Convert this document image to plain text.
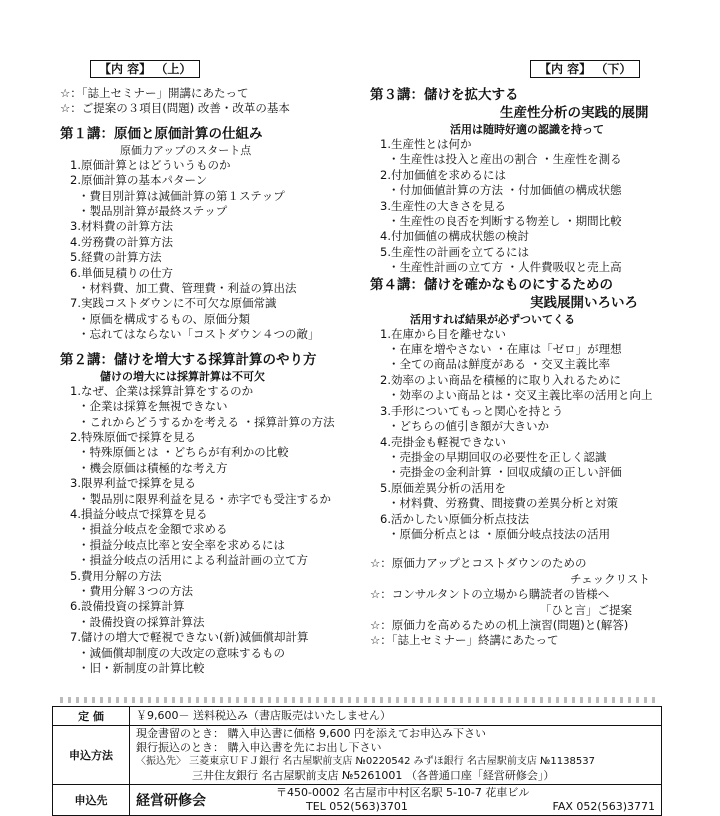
【内 容】 （上）	【内 容】 （下）
☆：「誌上セミナー」開講にあたって
☆：ご提案の３項目(問題) 改善・改革の基本
第１講：原価と原価計算の仕組み
原価力アップのスタート点
1.原価計算とはどういうものか
2.原価計算の基本パターン
・費目別計算は減価計算の第１ステップ
・製品別計算が最終ステップ
3.材料費の計算方法
4.労務費の計算方法
5.経費の計算方法
6.単価見積りの仕方
・材料費、加工費、管理費・利益の算出法
7.実践コストダウンに不可欠な原価常識
・原価を構成するもの、原価分類
・忘れてはならない「コストダウン４つの敵」
第２講：儲けを増大する採算計算のやり方
儲けの増大には採算計算は不可欠
1.なぜ、企業は採算計算をするのか
・企業は採算を無視できない
・これからどうするかを考える ・採算計算の方法
2.特殊原価で採算を見る
・特殊原価とは ・どちらが有利かの比較
・機会原価は積極的な考え方
3.限界利益で採算を見る
・製品別に限界利益を見る・赤字でも受注するか
4.損益分岐点で採算を見る
・損益分岐点を金額で求める
・損益分岐点比率と安全率を求めるには
・損益分岐点の活用による利益計画の立て方
5.費用分解の方法
・費用分解３つの方法
6.設備投資の採算計算
・設備投資の採算計算法
7.儲けの増大で軽視できない(新)減価償却計算
・減価償却制度の大改定の意味するもの
・旧・新制度の計算比較
第３講：儲けを拡大する
生産性分析の実践的展開
活用は随時好適の認識を持って
1.生産性とは何か
・生産性は投入と産出の割合 ・生産性を測る
2.付加価値を求めるには
・付加価値計算の方法 ・付加価値の構成状態
3.生産性の大きさを見る
・生産性の良否を判断する物差し ・期間比較
4.付加価値の構成状態の検討
5.生産性の計画を立てるには
・生産性計画の立て方 ・人件費吸収と売上高
第４講：儲けを確かなものにするための
実践展開いろいろ
活用すれば結果が必ずついてくる
1.在庫から目を離せない
・在庫を増やさない ・在庫は「ゼロ」が理想
・全ての商品は鮮度がある ・交叉主義比率
2.効率のよい商品を積極的に取り入れるために
・効率のよい商品とは・交叉主義比率の活用と向上
3.手形についてもっと関心を持とう
・どちらの値引き額が大きいか
4.売掛金も軽視できない
・売掛金の早期回収の必要性を正しく認識
・売掛金の金利計算 ・回収成績の正しい評価
5.原価差異分析の活用を
・材料費、労務費、間接費の差異分析と対策
6.活かしたい原価分析点技法
・原価分析点とは ・原価分岐点技法の活用
☆：原価力アップとコストダウンのための
チェックリスト
☆：コンサルタントの立場から購読者の皆様へ
「ひと言」ご提案
☆：原価力を高めるための机上演習(問題)と(解答)
☆：「誌上セミナー」終講にあたって
定 価	￥9,600－ 送料税込み（書店販売はいたしません）

申込方法	現金書留のとき： 購入申込書に価格 9,600 円を添えてお申込み下さい
銀行振込のとき： 購入申込書を先にお出し下さい
〈振込先〉 三菱東京ＵＦＪ銀行 名古屋駅前支店 №0220542 みずほ銀行 名古屋駅前支店 №1138537
三井住友銀行 名古屋駅前支店 №5261001 （各普通口座「経営研修会」）

申込先	経営研修会
〒450-0002 名古屋市中村区名駅 5-10-7 花車ビル
TEL 052(563)3701 FAX 052(563)3771
